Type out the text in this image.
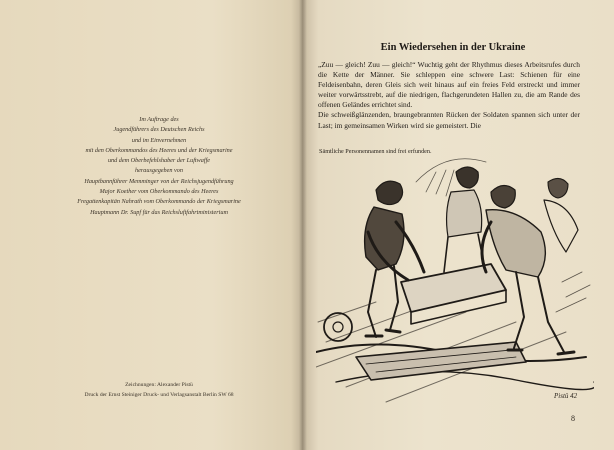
Im Auftrage des
Jugendführers des Deutschen Reichs
und im Einvernehmen
mit den Oberkommandos des Heeres und der Kriegsmarine
und dem Oberbefehlshaber der Luftwaffe
herausgegeben von
Hauptbannführer Memminger von der Reichsjugendführung
Major Koether vom Oberkommando des Heeres
Fregattenkapitän Nahrath vom Oberkommando der Kriegsmarine
Hauptmann Dr. Supf für das Reichsluftfahrtministerium
Zeichnungen: Alexander Pistü
Druck der Ernst Steiniger Druck- und Verlagsanstalt Berlin SW 68
Ein Wiedersehen in der Ukraine

„Zuu — gleich! Zuu — gleich!“ Wuchtig geht der Rhythmus dieses Arbeitsrufes durch die Kette der Männer. Sie schleppen eine schwere Last: Schienen für eine Feldeisenbahn, deren Gleis sich weit hinaus auf ein freies Feld erstreckt und immer weiter vorwärtsstrebt, auf die niedrigen, flachgerundeten Hallen zu, die am Rande des offenen Geländes errichtet sind.

Die schweißglänzenden, braungebrannten Rücken der Soldaten spannen sich unter der Last; im gemeinsamen Wirken wird sie gemeistert. Die

Sämtliche Personennamen sind frei erfunden.
Pistü 42
8
